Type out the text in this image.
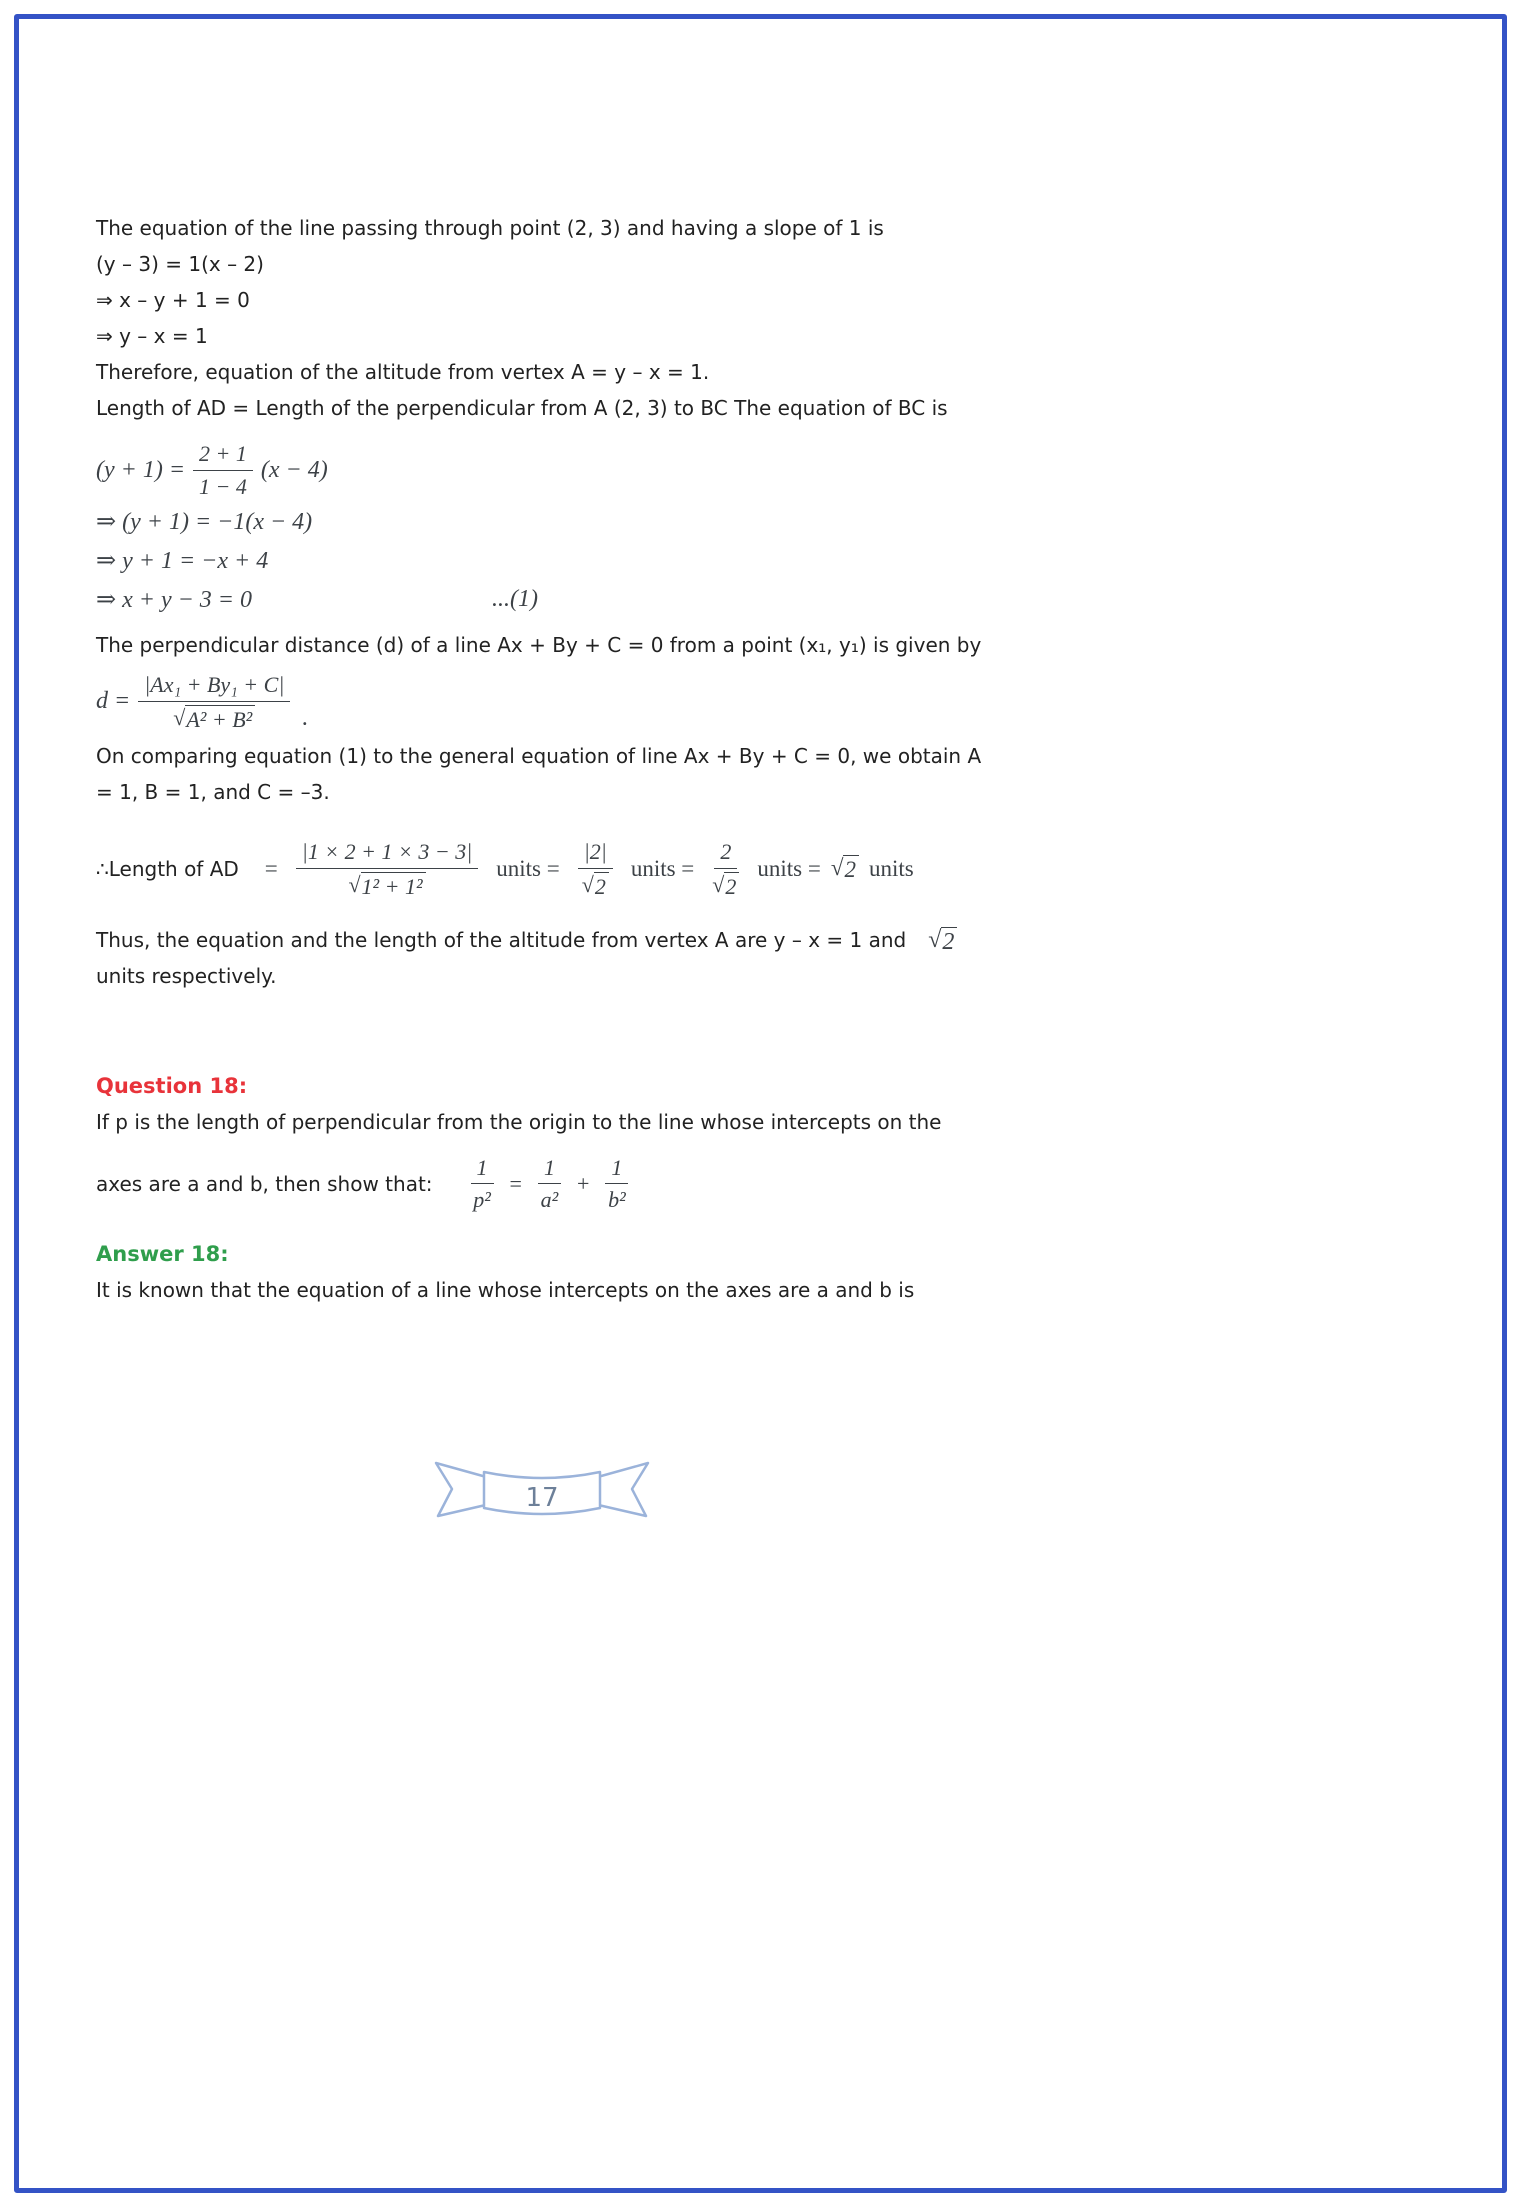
The equation of the line passing through point (2, 3) and having a slope of 1 is

(y – 3) = 1(x – 2)

⇒ x – y + 1 = 0

⇒ y – x = 1

Therefore, equation of the altitude from vertex A = y – x = 1.

Length of AD = Length of the perpendicular from A (2, 3) to BC The equation of BC is

$(y + 1) = \frac{2 + 1}{1 - 4} (x - 4)$
⇒ (y + 1) = −1(x − 4)
⇒ y + 1 = −x + 4
⇒ x + y − 3 = 0	...(1)

The perpendicular distance (d) of a line Ax + By + C = 0 from a point (x₁, y₁) is given by

$d = \frac{\text{|Ax₁ + By₁ + C|}}{\text{√ A² + B²}}$ .

On comparing equation (1) to the general equation of line Ax + By + C = 0, we obtain A

= 1, B = 1, and C = –3.

∴Length of AD = $\frac{|1 \times 2 + 1 \times 3 - 3|}{\text{√ 1² + 1²}}$ units = $\frac{|2|}{√ 2}$ units = $\frac{2}{√ 2}$ units = √ 2 units

Thus, the equation and the length of the altitude from vertex A are y – x = 1 and √ 2

units respectively.

Question 18:

If p is the length of perpendicular from the origin to the line whose intercepts on the

axes are a and b, then show that: $\frac{1}{\text{p²}} = \frac{1}{\text{a²}} + \frac{1}{\text{b²}}$
Answer 18:

It is known that the equation of a line whose intercepts on the axes are a and b is

17
